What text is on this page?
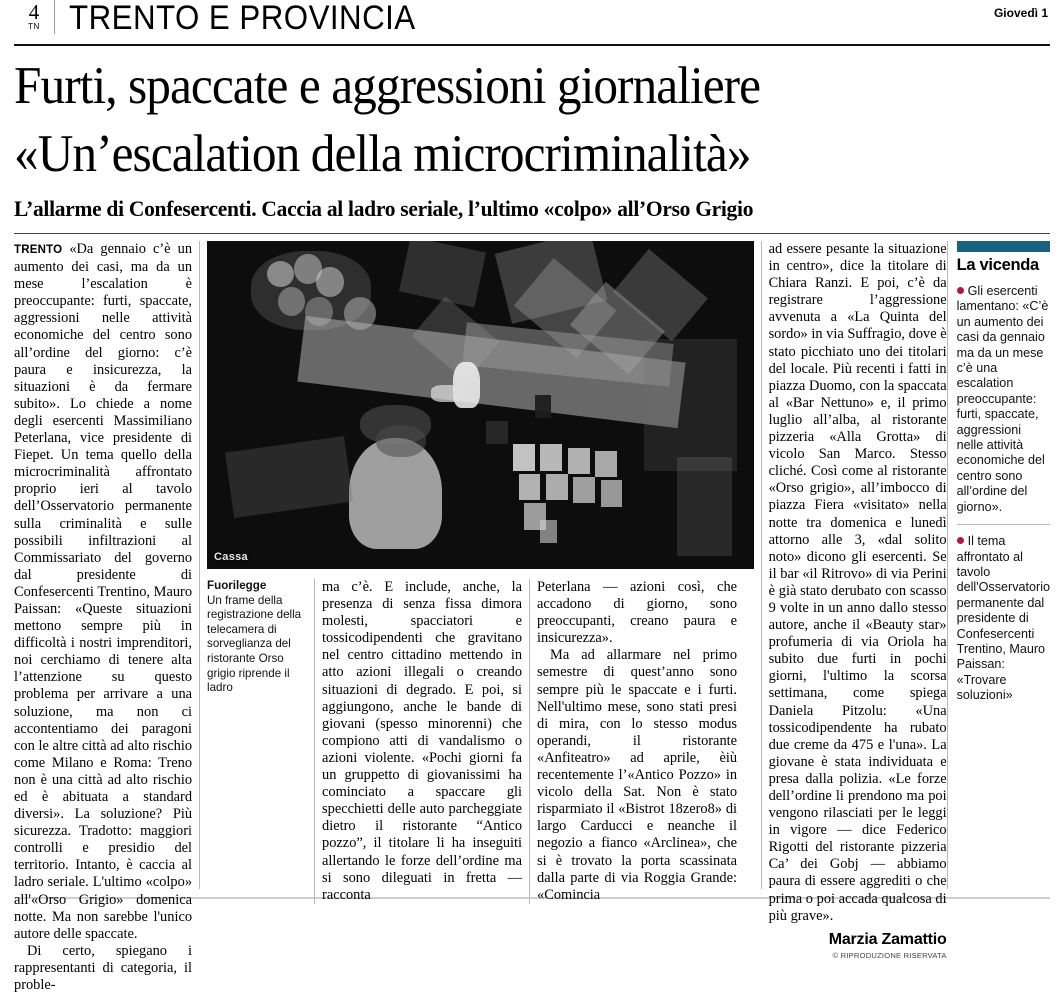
4
TN TRENTO E PROVINCIA	Giovedì 1
Furti, spaccate e aggressioni giornaliere
«Un’escalation della microcriminalità»
L’allarme di Confesercenti. Caccia al ladro seriale, l’ultimo «colpo» all’Orso Grigio

TRENTO «Da gennaio c’è un aumento dei casi, ma da un mese l’escalation è preoccupante: furti, spaccate, aggressioni nelle attività economiche del centro sono all’ordine del giorno: c’è paura e insicurezza, la situazioni è da fermare subito». Lo chiede a nome degli esercenti Massimiliano Peterlana, vice presidente di Fiepet. Un tema quello della microcriminalità affrontato proprio ieri al tavolo dell’Osservatorio permanente sulla criminalità e sulle possibili infiltrazioni al Commissariato del governo dal presidente di Confesercenti Trentino, Mauro Paissan: «Queste situazioni mettono sempre più in difficoltà i nostri imprenditori, noi cerchiamo di tenere alta l’attenzione su questo problema per arrivare a una soluzione, ma non ci accontentiamo dei paragoni con le altre città ad alto rischio come Milano e Roma: Treno non è una città ad alto rischio ed è abituata a standard diversi». La soluzione? Più sicurezza. Tradotto: maggiori controlli e presidio del territorio. Intanto, è caccia al ladro seriale. L'ultimo «colpo» all'«Orso Grigio» domenica notte. Ma non sarebbe l'unico autore delle spaccate.

Di certo, spiegano i rappresentanti di categoria, il proble-

Cassa
Fuorilegge
Un frame della registrazione della telecamera di sorveglianza del ristorante Orso grigio riprende il ladro

ma c’è. E include, anche, la presenza di senza fissa dimora molesti, spacciatori e tossicodipendenti che gravitano nel centro cittadino mettendo in atto azioni illegali o creando situazioni di degrado. E poi, si aggiungono, anche le bande di giovani (spesso minorenni) che compiono atti di vandalismo o azioni violente. «Pochi giorni fa un gruppetto di giovanissimi ha cominciato a spaccare gli specchietti delle auto parcheggiate dietro il ristorante “Antico pozzo”, il titolare li ha inseguiti allertando le forze dell’ordine ma si sono dileguati in fretta — racconta

Peterlana — azioni così, che accadono di giorno, sono preoccupanti, creano paura e insicurezza».

Ma ad allarmare nel primo semestre di quest’anno sono sempre più le spaccate e i furti. Nell'ultimo mese, sono stati presi di mira, con lo stesso modus operandi, il ristorante «Anfiteatro» ad aprile, èiù recentemente l’«Antico Pozzo» in vicolo della Sat. Non è stato risparmiato il «Bistrot 18zero8» di largo Carducci e neanche il negozio a fianco «Arclinea», che si è trovato la porta scassinata dalla parte di via Roggia Grande: «Comincia

ad essere pesante la situazione in centro», dice la titolare di Chiara Ranzi. E poi, c’è da registrare l’aggressione avvenuta a «La Quinta del sordo» in via Suffragio, dove è stato picchiato uno dei titolari del locale. Più recenti i fatti in piazza Duomo, con la spaccata al «Bar Nettuno» e, il primo luglio all’alba, al ristorante pizzeria «Alla Grotta» di vicolo San Marco. Stesso cliché. Così come al ristorante «Orso grigio», all’imbocco di piazza Fiera «visitato» nella notte tra domenica e lunedì attorno alle 3, «dal solito noto» dicono gli esercenti. Se il bar «il Ritrovo» di via Perini è già stato derubato con scasso 9 volte in un anno dallo stesso autore, anche il «Beauty star» profumeria di via Oriola ha subito due furti in pochi giorni, l'ultimo la scorsa settimana, come spiega Daniela Pitzolu: «Una tossicodipendente ha rubato due creme da 475 e l'una». La giovane è stata individuata e presa dalla polizia. «Le forze dell’ordine li prendono ma poi vengono rilasciati per le leggi in vigore — dice Federico Rigotti del ristorante pizzeria Ca’ dei Gobj — abbiamo paura di essere aggrediti o che prima o poi accada qualcosa di più grave».

Marzia Zamattio
© RIPRODUZIONE RISERVATA
La vicenda
Gli esercenti lamentano: «C’è un aumento dei casi da gennaio ma da un mese c’è una escalation preoccupante: furti, spaccate, aggressioni nelle attività economiche del centro sono all’ordine del giorno».
Il tema affrontato al tavolo dell'Osservatorio permanente dal presidente di Confesercenti Trentino, Mauro Paissan: «Trovare soluzioni»
